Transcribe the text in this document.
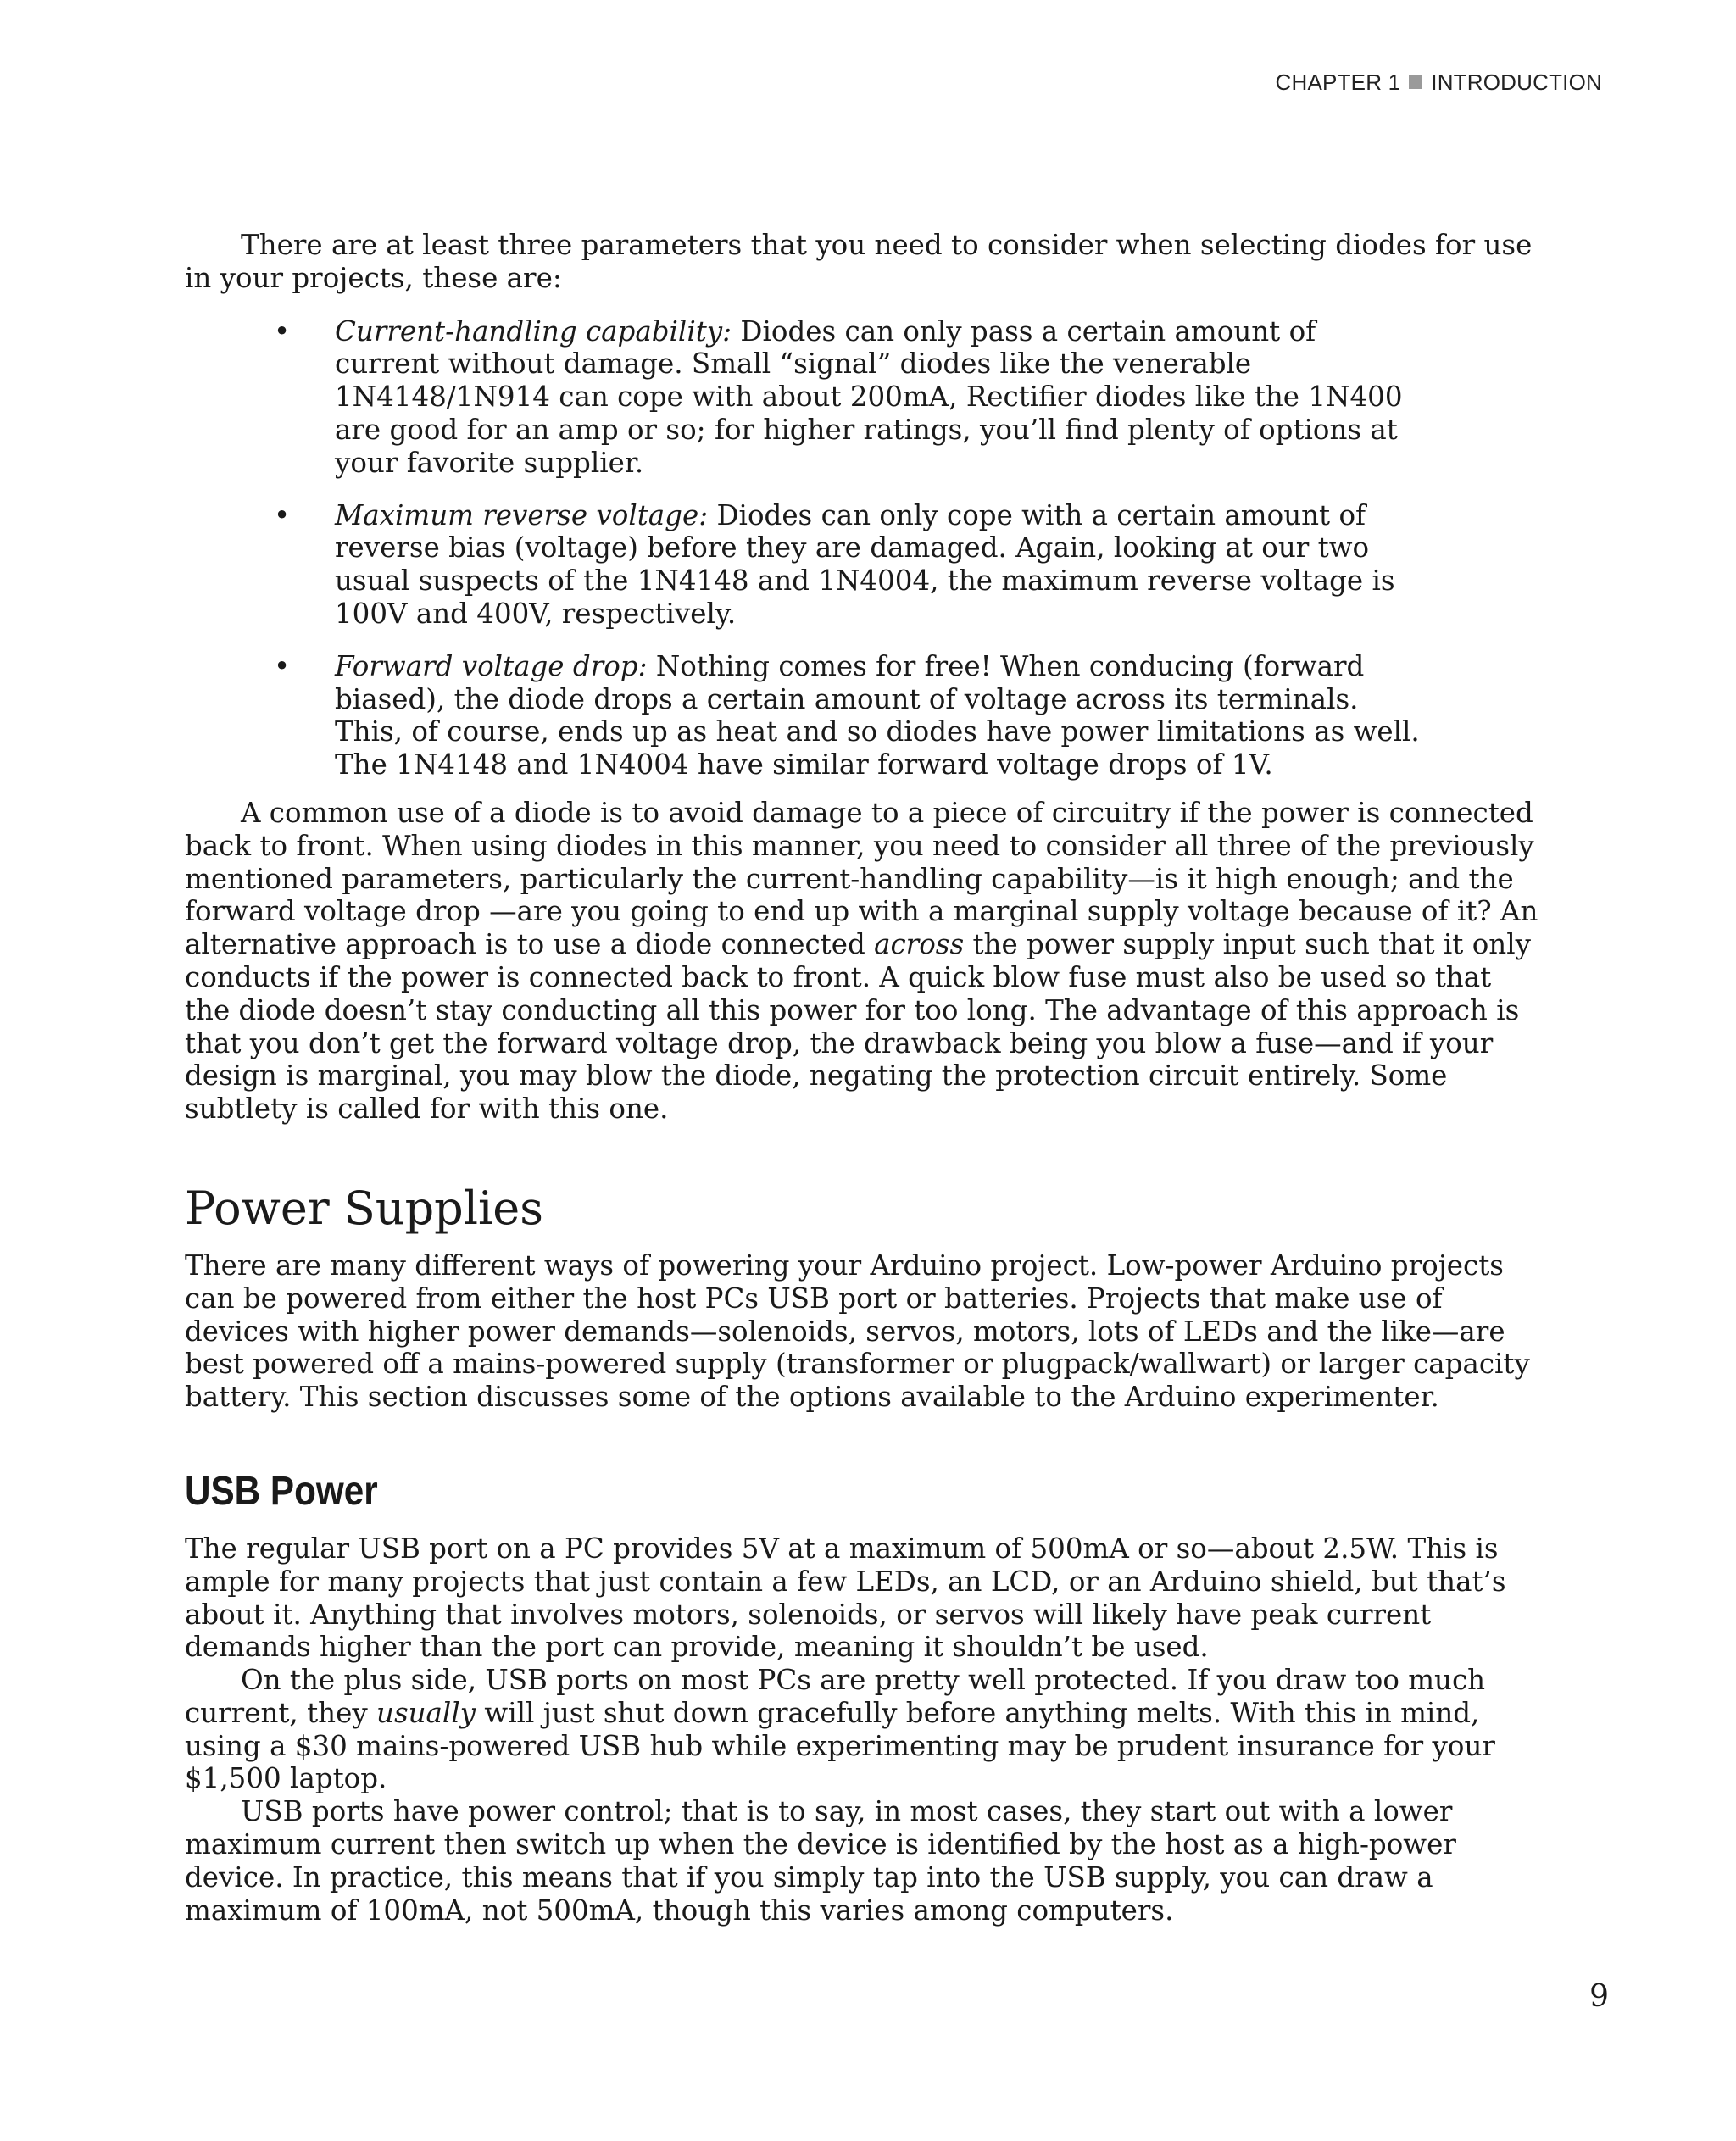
CHAPTER 1 INTRODUCTION

There are at least three parameters that you need to consider when selecting diodes for use in your projects, these are:

• Current-handling capability: Diodes can only pass a certain amount of current without damage. Small “signal” diodes like the venerable 1N4148/1N914 can cope with about 200mA, Rectifier diodes like the 1N400 are good for an amp or so; for higher ratings, you’ll find plenty of options at your favorite supplier.
• Maximum reverse voltage: Diodes can only cope with a certain amount of reverse bias (voltage) before they are damaged. Again, looking at our two usual suspects of the 1N4148 and 1N4004, the maximum reverse voltage is 100V and 400V, respectively.
• Forward voltage drop: Nothing comes for free! When conducing (forward biased), the diode drops a certain amount of voltage across its terminals. This, of course, ends up as heat and so diodes have power limitations as well. The 1N4148 and 1N4004 have similar forward voltage drops of 1V.

A common use of a diode is to avoid damage to a piece of circuitry if the power is connected back to front. When using diodes in this manner, you need to consider all three of the previously mentioned parameters, particularly the current-handling capability—is it high enough; and the forward voltage drop —are you going to end up with a marginal supply voltage because of it? An alternative approach is to use a diode connected across the power supply input such that it only conducts if the power is connected back to front. A quick blow fuse must also be used so that the diode doesn’t stay conducting all this power for too long. The advantage of this approach is that you don’t get the forward voltage drop, the drawback being you blow a fuse—and if your design is marginal, you may blow the diode, negating the protection circuit entirely. Some subtlety is called for with this one.

Power Supplies

There are many different ways of powering your Arduino project. Low-power Arduino projects can be powered from either the host PCs USB port or batteries. Projects that make use of devices with higher power demands—solenoids, servos, motors, lots of LEDs and the like—are best powered off a mains-powered supply (transformer or plugpack/wallwart) or larger capacity battery. This section discusses some of the options available to the Arduino experimenter.

USB Power

The regular USB port on a PC provides 5V at a maximum of 500mA or so—about 2.5W. This is ample for many projects that just contain a few LEDs, an LCD, or an Arduino shield, but that’s about it. Anything that involves motors, solenoids, or servos will likely have peak current demands higher than the port can provide, meaning it shouldn’t be used.

On the plus side, USB ports on most PCs are pretty well protected. If you draw too much current, they usually will just shut down gracefully before anything melts. With this in mind, using a $30 mains-powered USB hub while experimenting may be prudent insurance for your $1,500 laptop.

USB ports have power control; that is to say, in most cases, they start out with a lower maximum current then switch up when the device is identified by the host as a high-power device. In practice, this means that if you simply tap into the USB supply, you can draw a maximum of 100mA, not 500mA, though this varies among computers.

9
